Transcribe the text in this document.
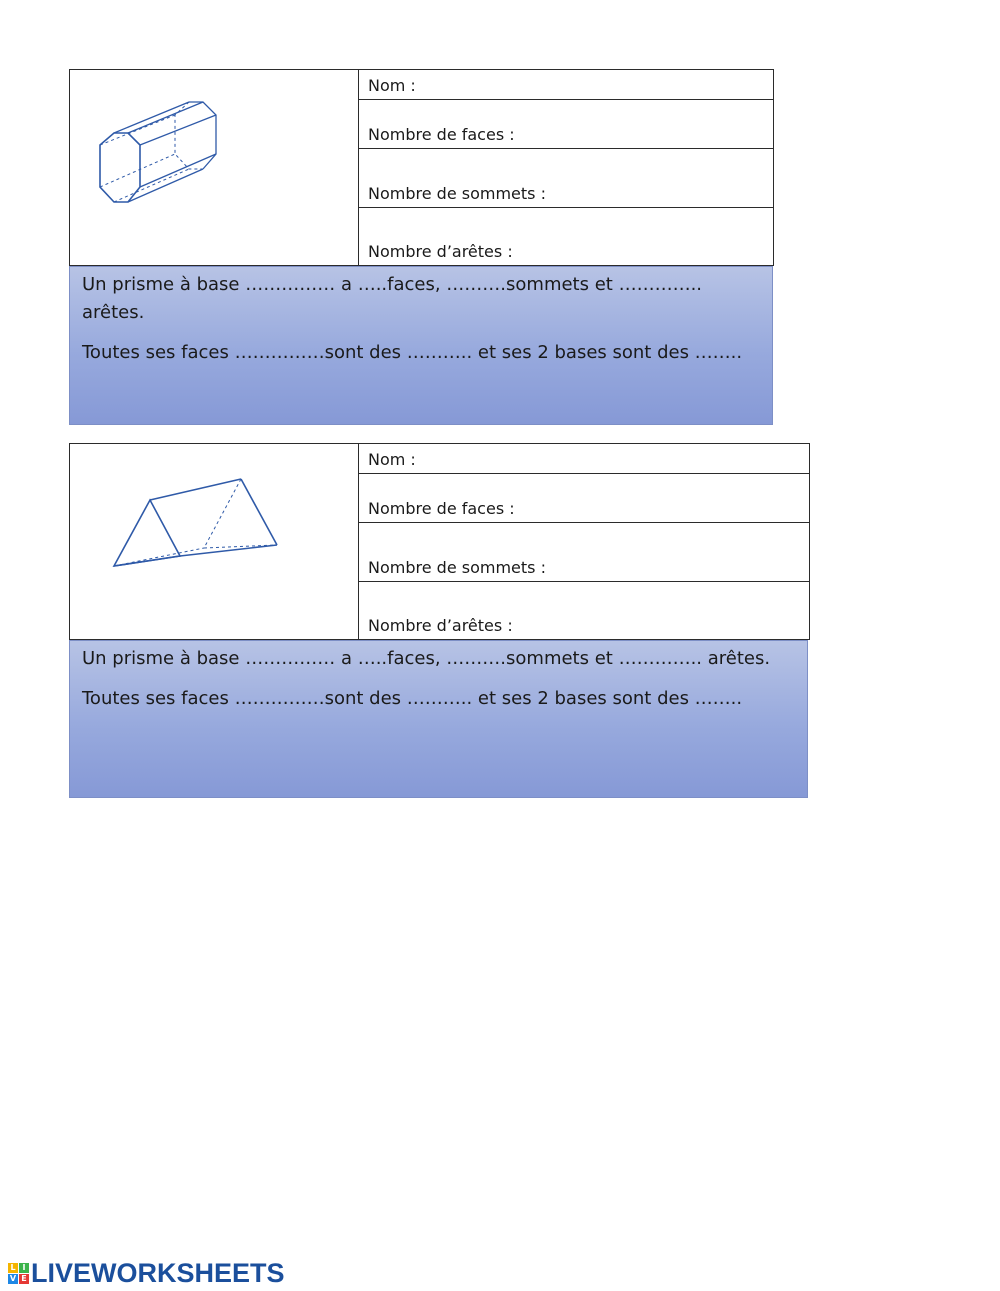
Nom :
Nombre de faces :
Nombre de sommets :
Nombre d’arêtes :

Un prisme à base …………… a …..faces, ……….sommets et ………….. arêtes.

Toutes ses faces ……………sont des ……….. et ses 2 bases sont des ……..

Nom :
Nombre de faces :
Nombre de sommets :
Nombre d’arêtes :

Un prisme à base …………… a …..faces, ……….sommets et ………….. arêtes.

Toutes ses faces ……………sont des ……….. et ses 2 bases sont des ……..

L I
V E LIVEWORKSHEETS
